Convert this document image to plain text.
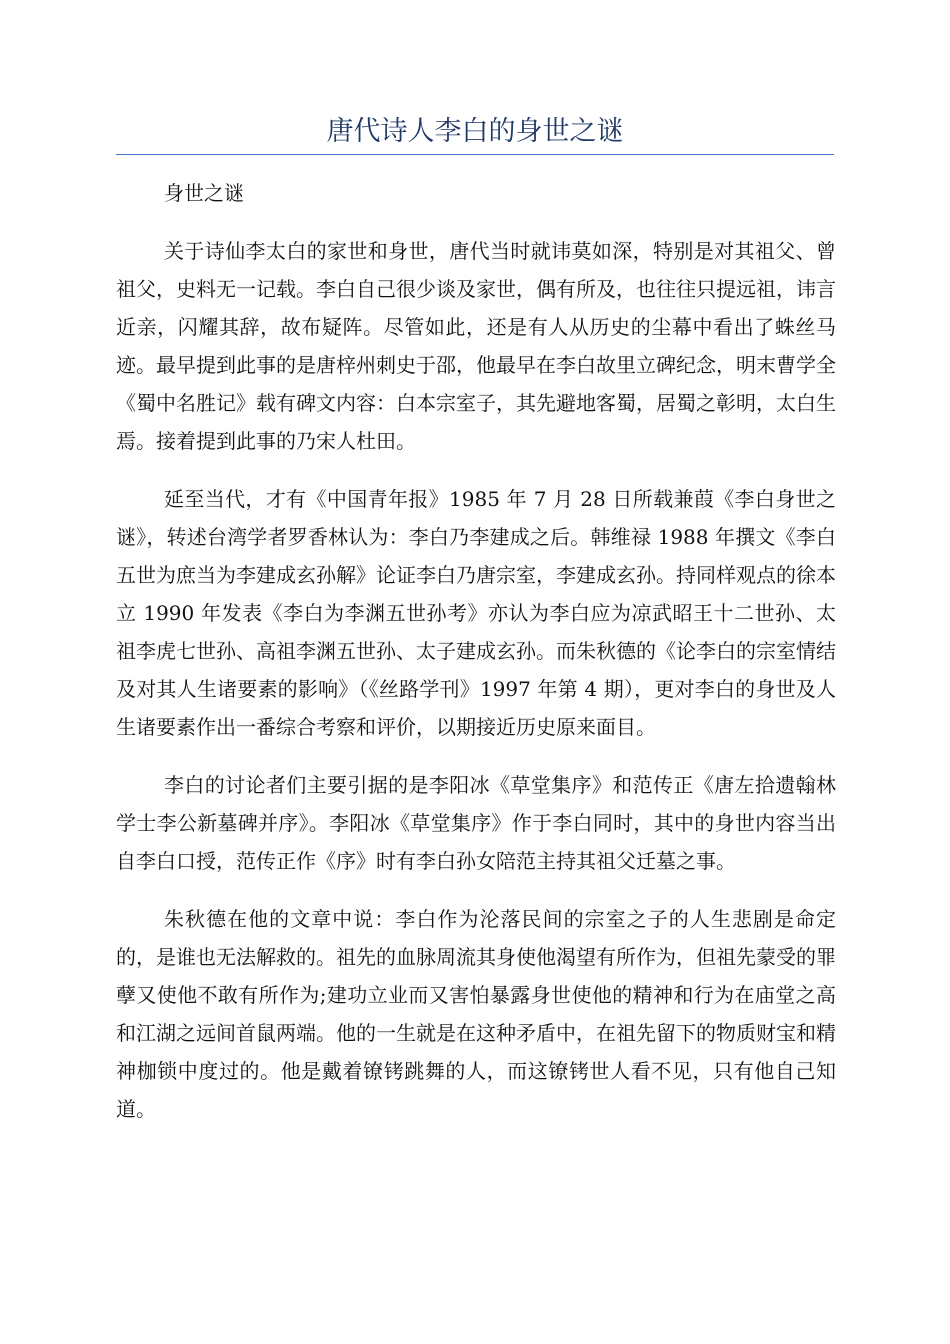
唐代诗人李白的身世之谜

身世之谜

关于诗仙李太白的家世和身世，唐代当时就讳莫如深，特别是对其祖父、曾祖父，史料无一记载。李白自己很少谈及家世，偶有所及，也往往只提远祖，讳言近亲，闪耀其辞，故布疑阵。尽管如此，还是有人从历史的尘幕中看出了蛛丝马迹。最早提到此事的是唐梓州刺史于邵，他最早在李白故里立碑纪念，明末曹学全《蜀中名胜记》载有碑文内容：白本宗室子，其先避地客蜀，居蜀之彰明，太白生焉。接着提到此事的乃宋人杜田。

延至当代，才有《中国青年报》1985 年 7 月 28 日所载兼葭《李白身世之谜》，转述台湾学者罗香林认为：李白乃李建成之后。韩维禄 1988 年撰文《李白五世为庶当为李建成玄孙解》论证李白乃唐宗室，李建成玄孙。持同样观点的徐本立 1990 年发表《李白为李渊五世孙考》亦认为李白应为凉武昭王十二世孙、太祖李虎七世孙、高祖李渊五世孙、太子建成玄孙。而朱秋德的《论李白的宗室情结及对其人生诸要素的影响》（《丝路学刊》1997 年第 4 期），更对李白的身世及人生诸要素作出一番综合考察和评价，以期接近历史原来面目。

李白的讨论者们主要引据的是李阳冰《草堂集序》和范传正《唐左拾遗翰林学士李公新墓碑并序》。李阳冰《草堂集序》作于李白同时，其中的身世内容当出自李白口授，范传正作《序》时有李白孙女陪范主持其祖父迁墓之事。

朱秋德在他的文章中说：李白作为沦落民间的宗室之子的人生悲剧是命定的，是谁也无法解救的。祖先的血脉周流其身使他渴望有所作为，但祖先蒙受的罪孽又使他不敢有所作为;建功立业而又害怕暴露身世使他的精神和行为在庙堂之高和江湖之远间首鼠两端。他的一生就是在这种矛盾中，在祖先留下的物质财宝和精神枷锁中度过的。他是戴着镣铐跳舞的人，而这镣铐世人看不见，只有他自己知道。
